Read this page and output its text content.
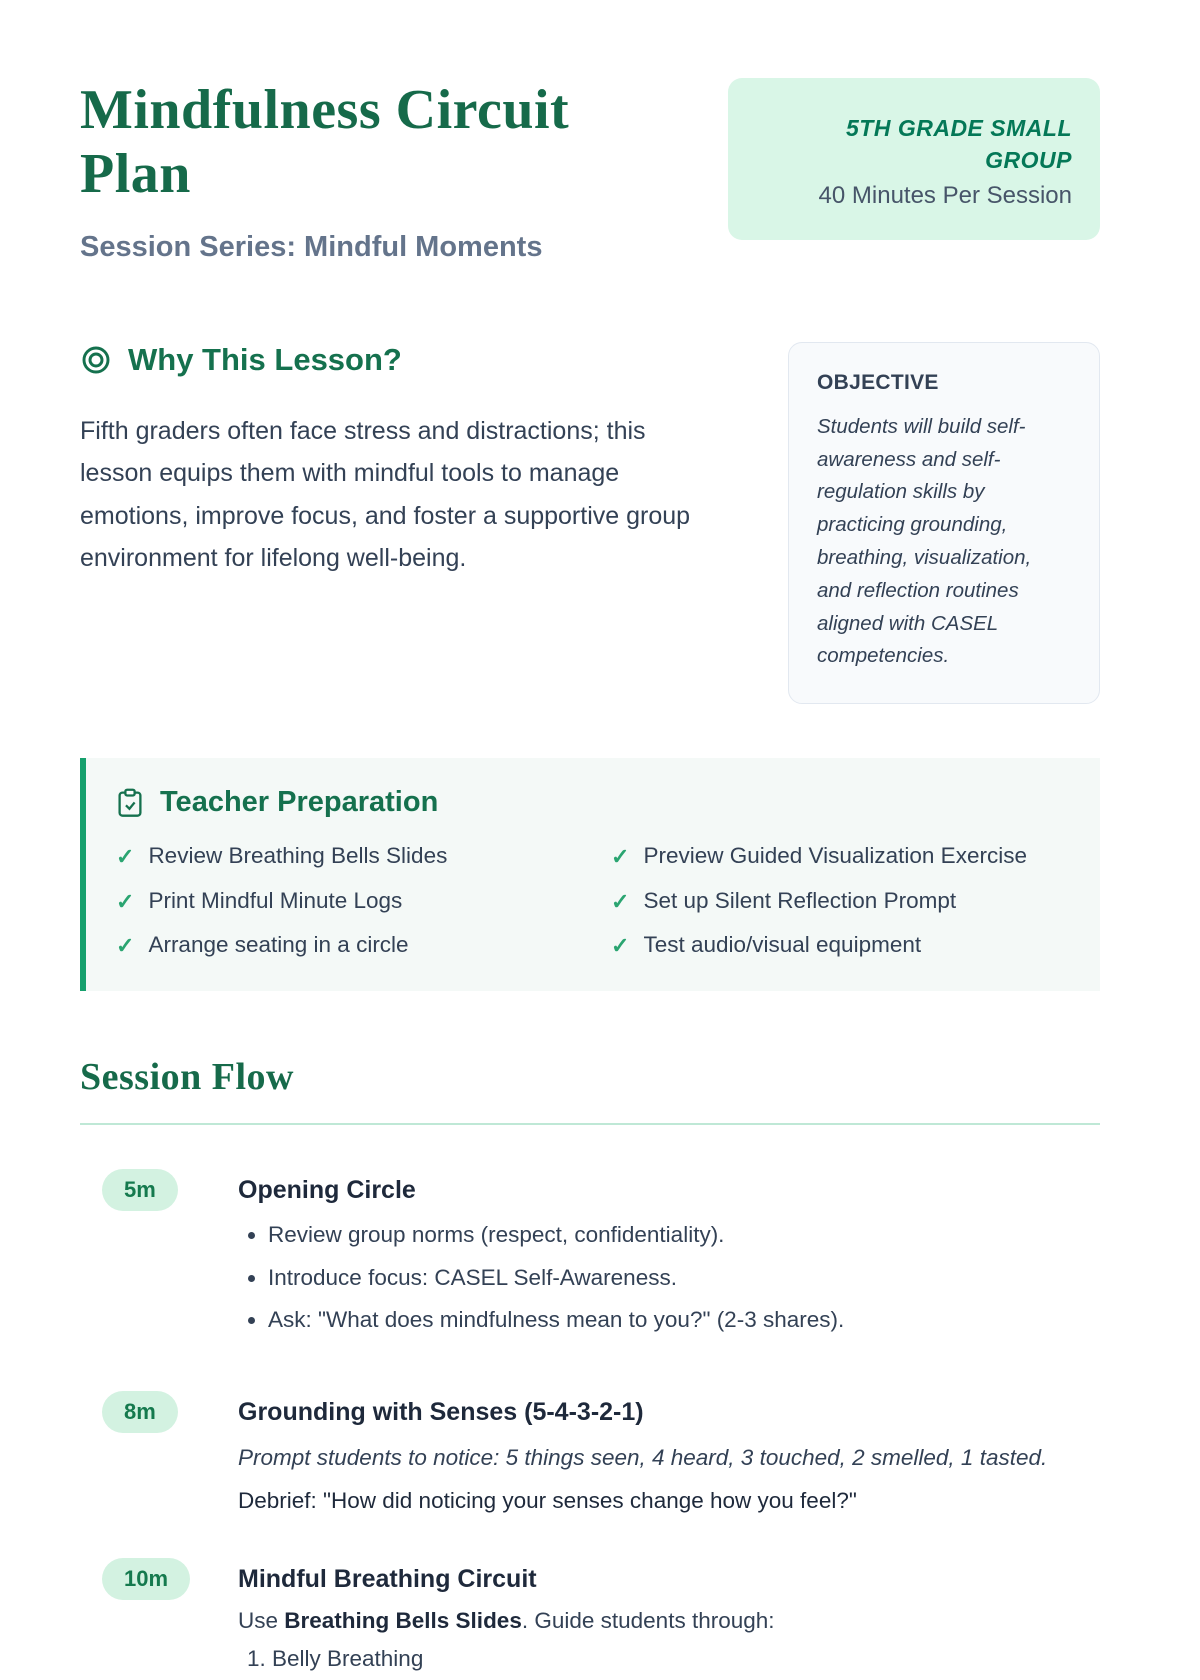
Mindfulness Circuit Plan

Session Series: Mindful Moments

5TH GRADE SMALL GROUP
40 Minutes Per Session
Why This Lesson?

Fifth graders often face stress and distractions; this lesson equips them with mindful tools to manage emotions, improve focus, and foster a supportive group environment for lifelong well-being.

OBJECTIVE

Students will build self-awareness and self-regulation skills by practicing grounding, breathing, visualization, and reflection routines aligned with CASEL competencies.

Teacher Preparation
✓ Review Breathing Bells Slides
✓ Print Mindful Minute Logs
✓ Arrange seating in a circle
✓ Preview Guided Visualization Exercise
✓ Set up Silent Reflection Prompt
✓ Test audio/visual equipment
Session Flow
5m	Opening Circle
• Review group norms (respect, confidentiality).
• Introduce focus: CASEL Self-Awareness.
• Ask: "What does mindfulness mean to you?" (2-3 shares).
8m	Grounding with Senses (5-4-3-2-1)

Prompt students to notice: 5 things seen, 4 heard, 3 touched, 2 smelled, 1 tasted.

Debrief: "How did noticing your senses change how you feel?"

10m	Mindful Breathing Circuit

Use Breathing Bells Slides. Guide students through:

1. Belly Breathing
